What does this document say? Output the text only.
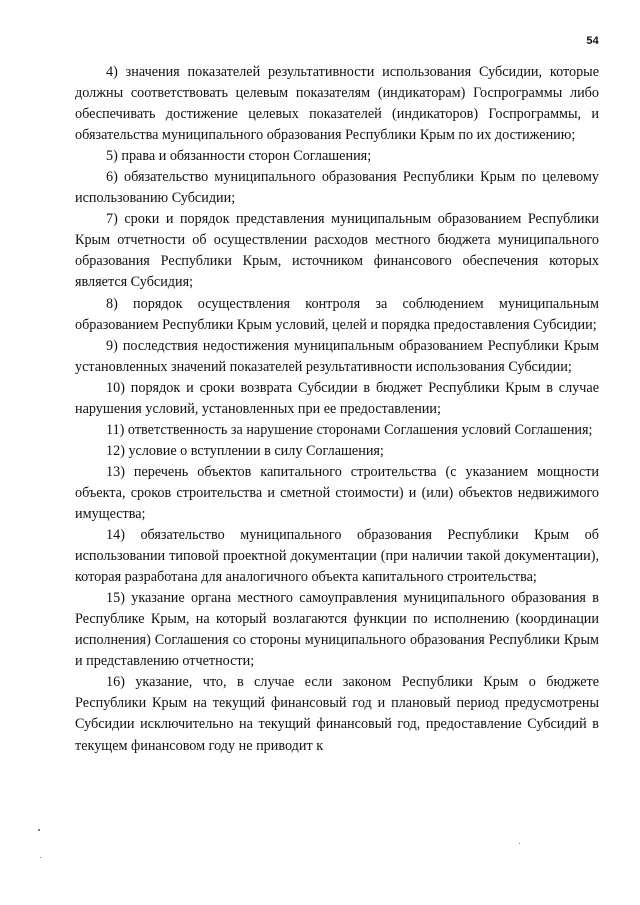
54

4) значения показателей результативности использования Субсидии, которые должны соответствовать целевым показателям (индикаторам) Госпрограммы либо обеспечивать достижение целевых показателей (индикаторов) Госпрограммы, и обязательства муниципального образования Республики Крым по их достижению;

5) права и обязанности сторон Соглашения;

6) обязательство муниципального образования Республики Крым по целевому использованию Субсидии;

7) сроки и порядок представления муниципальным образованием Республики Крым отчетности об осуществлении расходов местного бюджета муниципального образования Республики Крым, источником финансового обеспечения которых является Субсидия;

8) порядок осуществления контроля за соблюдением муниципальным образованием Республики Крым условий, целей и порядка предоставления Субсидии;

9) последствия недостижения муниципальным образованием Республики Крым установленных значений показателей результативности использования Субсидии;

10) порядок и сроки возврата Субсидии в бюджет Республики Крым в случае нарушения условий, установленных при ее предоставлении;

11) ответственность за нарушение сторонами Соглашения условий Соглашения;

12) условие о вступлении в силу Соглашения;

13) перечень объектов капитального строительства (с указанием мощности объекта, сроков строительства и сметной стоимости) и (или) объектов недвижимого имущества;

14) обязательство муниципального образования Республики Крым об использовании типовой проектной документации (при наличии такой документации), которая разработана для аналогичного объекта капитального строительства;

15) указание органа местного самоуправления муниципального образования в Республике Крым, на который возлагаются функции по исполнению (координации исполнения) Соглашения со стороны муниципального образования Республики Крым и представлению отчетности;

16) указание, что, в случае если законом Республики Крым о бюджете Республики Крым на текущий финансовый год и плановый период предусмотрены Субсидии исключительно на текущий финансовый год, предоставление Субсидий в текущем финансовом году не приводит к
